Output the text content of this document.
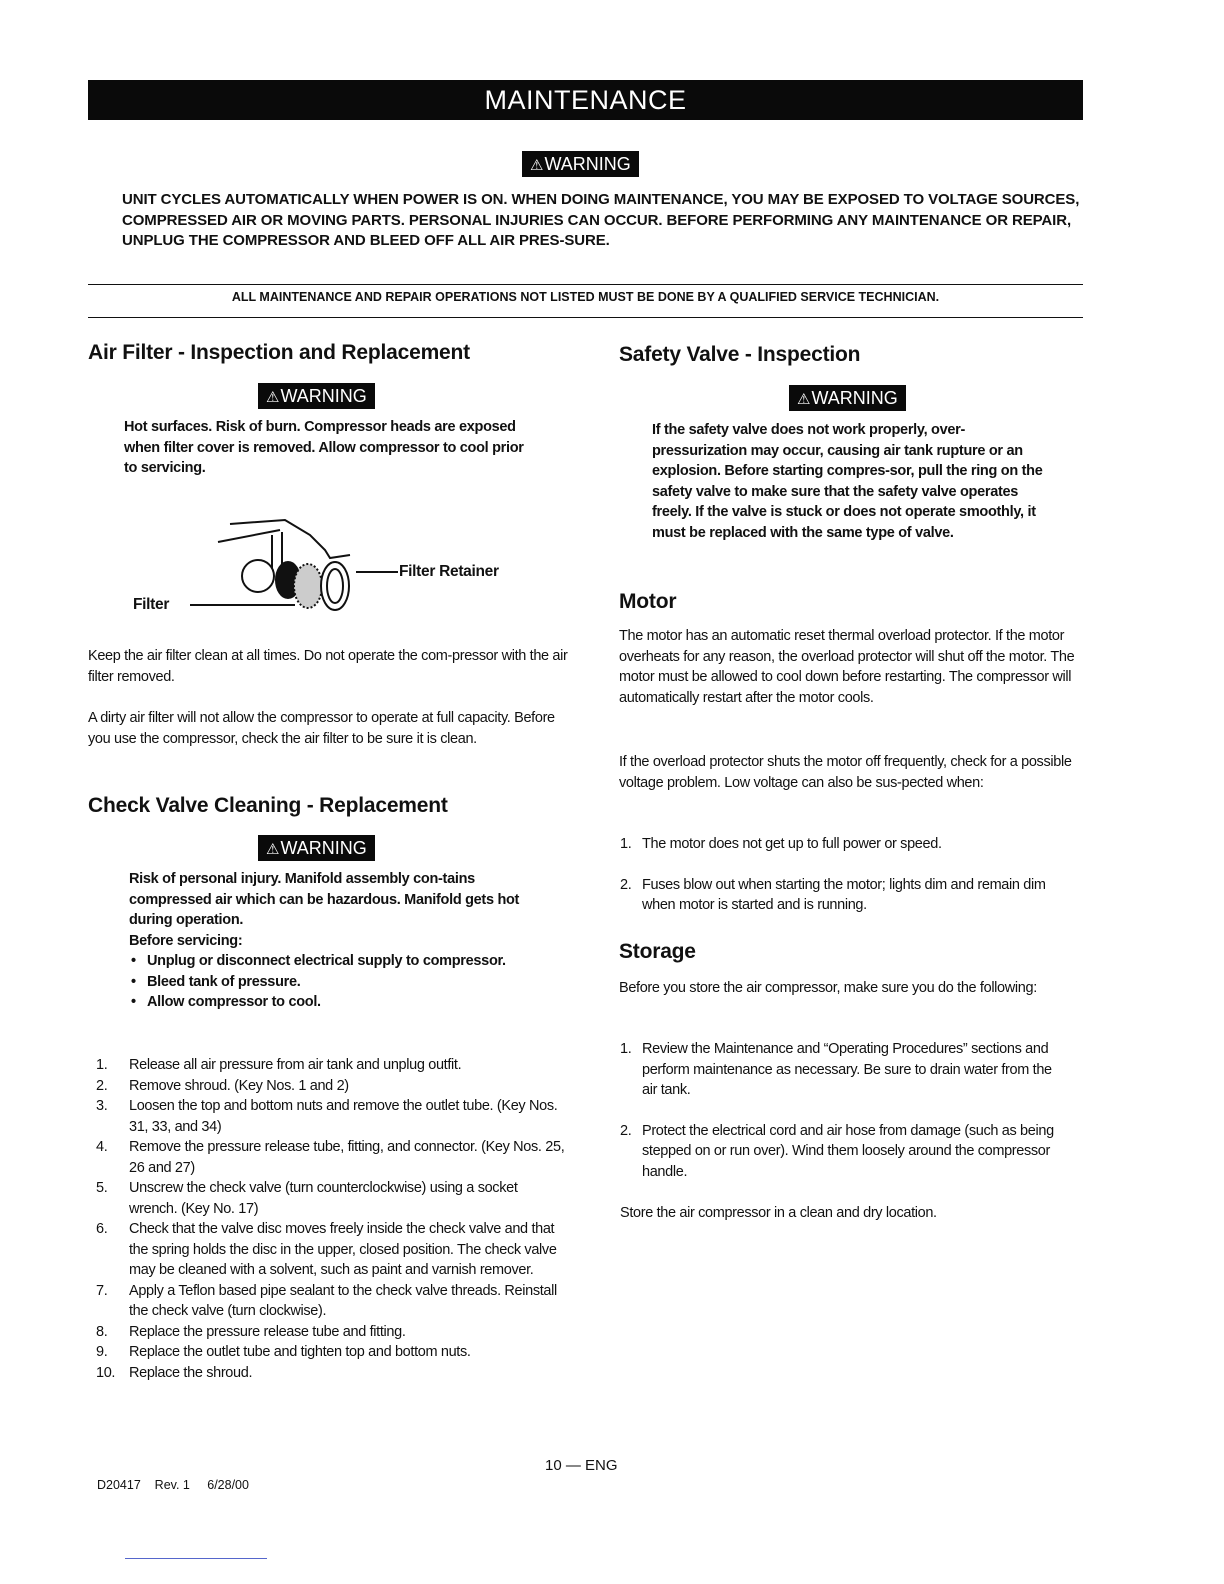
MAINTENANCE
⚠WARNING
UNIT CYCLES AUTOMATICALLY WHEN POWER IS ON. WHEN DOING MAINTENANCE, YOU MAY BE EXPOSED TO VOLTAGE SOURCES, COMPRESSED AIR OR MOVING PARTS. PERSONAL INJURIES CAN OCCUR. BEFORE PERFORMING ANY MAINTENANCE OR REPAIR, UNPLUG THE COMPRESSOR AND BLEED OFF ALL AIR PRES-SURE.
ALL MAINTENANCE AND REPAIR OPERATIONS NOT LISTED MUST BE DONE BY A QUALIFIED SERVICE TECHNICIAN.
Air Filter - Inspection and Replacement
⚠WARNING
Hot surfaces. Risk of burn. Compressor heads are exposed when filter cover is removed. Allow compressor to cool prior to servicing.
Filter Retainer
Filter
Keep the air filter clean at all times. Do not operate the com-pressor with the air filter removed.
A dirty air filter will not allow the compressor to operate at full capacity. Before you use the compressor, check the air filter to be sure it is clean.
Check Valve Cleaning - Replacement
⚠WARNING
Risk of personal injury. Manifold assembly con-tains compressed air which can be hazardous. Manifold gets hot during operation.
Before servicing:
• Unplug or disconnect electrical supply to compressor.
• Bleed tank of pressure.
• Allow compressor to cool.
1. Release all air pressure from air tank and unplug outfit.
2. Remove shroud. (Key Nos. 1 and 2)
3. Loosen the top and bottom nuts and remove the outlet tube. (Key Nos. 31, 33, and 34)
4. Remove the pressure release tube, fitting, and connector. (Key Nos. 25, 26 and 27)
5. Unscrew the check valve (turn counterclockwise) using a socket wrench. (Key No. 17)
6. Check that the valve disc moves freely inside the check valve and that the spring holds the disc in the upper, closed position. The check valve may be cleaned with a solvent, such as paint and varnish remover.
7. Apply a Teflon based pipe sealant to the check valve threads. Reinstall the check valve (turn clockwise).
8. Replace the pressure release tube and fitting.
9. Replace the outlet tube and tighten top and bottom nuts.
10. Replace the shroud.
Safety Valve - Inspection
⚠WARNING
If the safety valve does not work properly, over-pressurization may occur, causing air tank rupture or an explosion. Before starting compres-sor, pull the ring on the safety valve to make sure that the safety valve operates freely. If the valve is stuck or does not operate smoothly, it must be replaced with the same type of valve.
Motor
The motor has an automatic reset thermal overload protector. If the motor overheats for any reason, the overload protector will shut off the motor. The motor must be allowed to cool down before restarting. The compressor will automatically restart after the motor cools.
If the overload protector shuts the motor off frequently, check for a possible voltage problem. Low voltage can also be sus-pected when:
1. The motor does not get up to full power or speed.
2. Fuses blow out when starting the motor; lights dim and remain dim when motor is started and is running.
Storage
Before you store the air compressor, make sure you do the following:
1. Review the Maintenance and “Operating Procedures” sections and perform maintenance as necessary. Be sure to drain water from the air tank.
2. Protect the electrical cord and air hose from damage (such as being stepped on or run over). Wind them loosely around the compressor handle.
Store the air compressor in a clean and dry location.
10 — ENG
D20417    Rev. 1     6/28/00
